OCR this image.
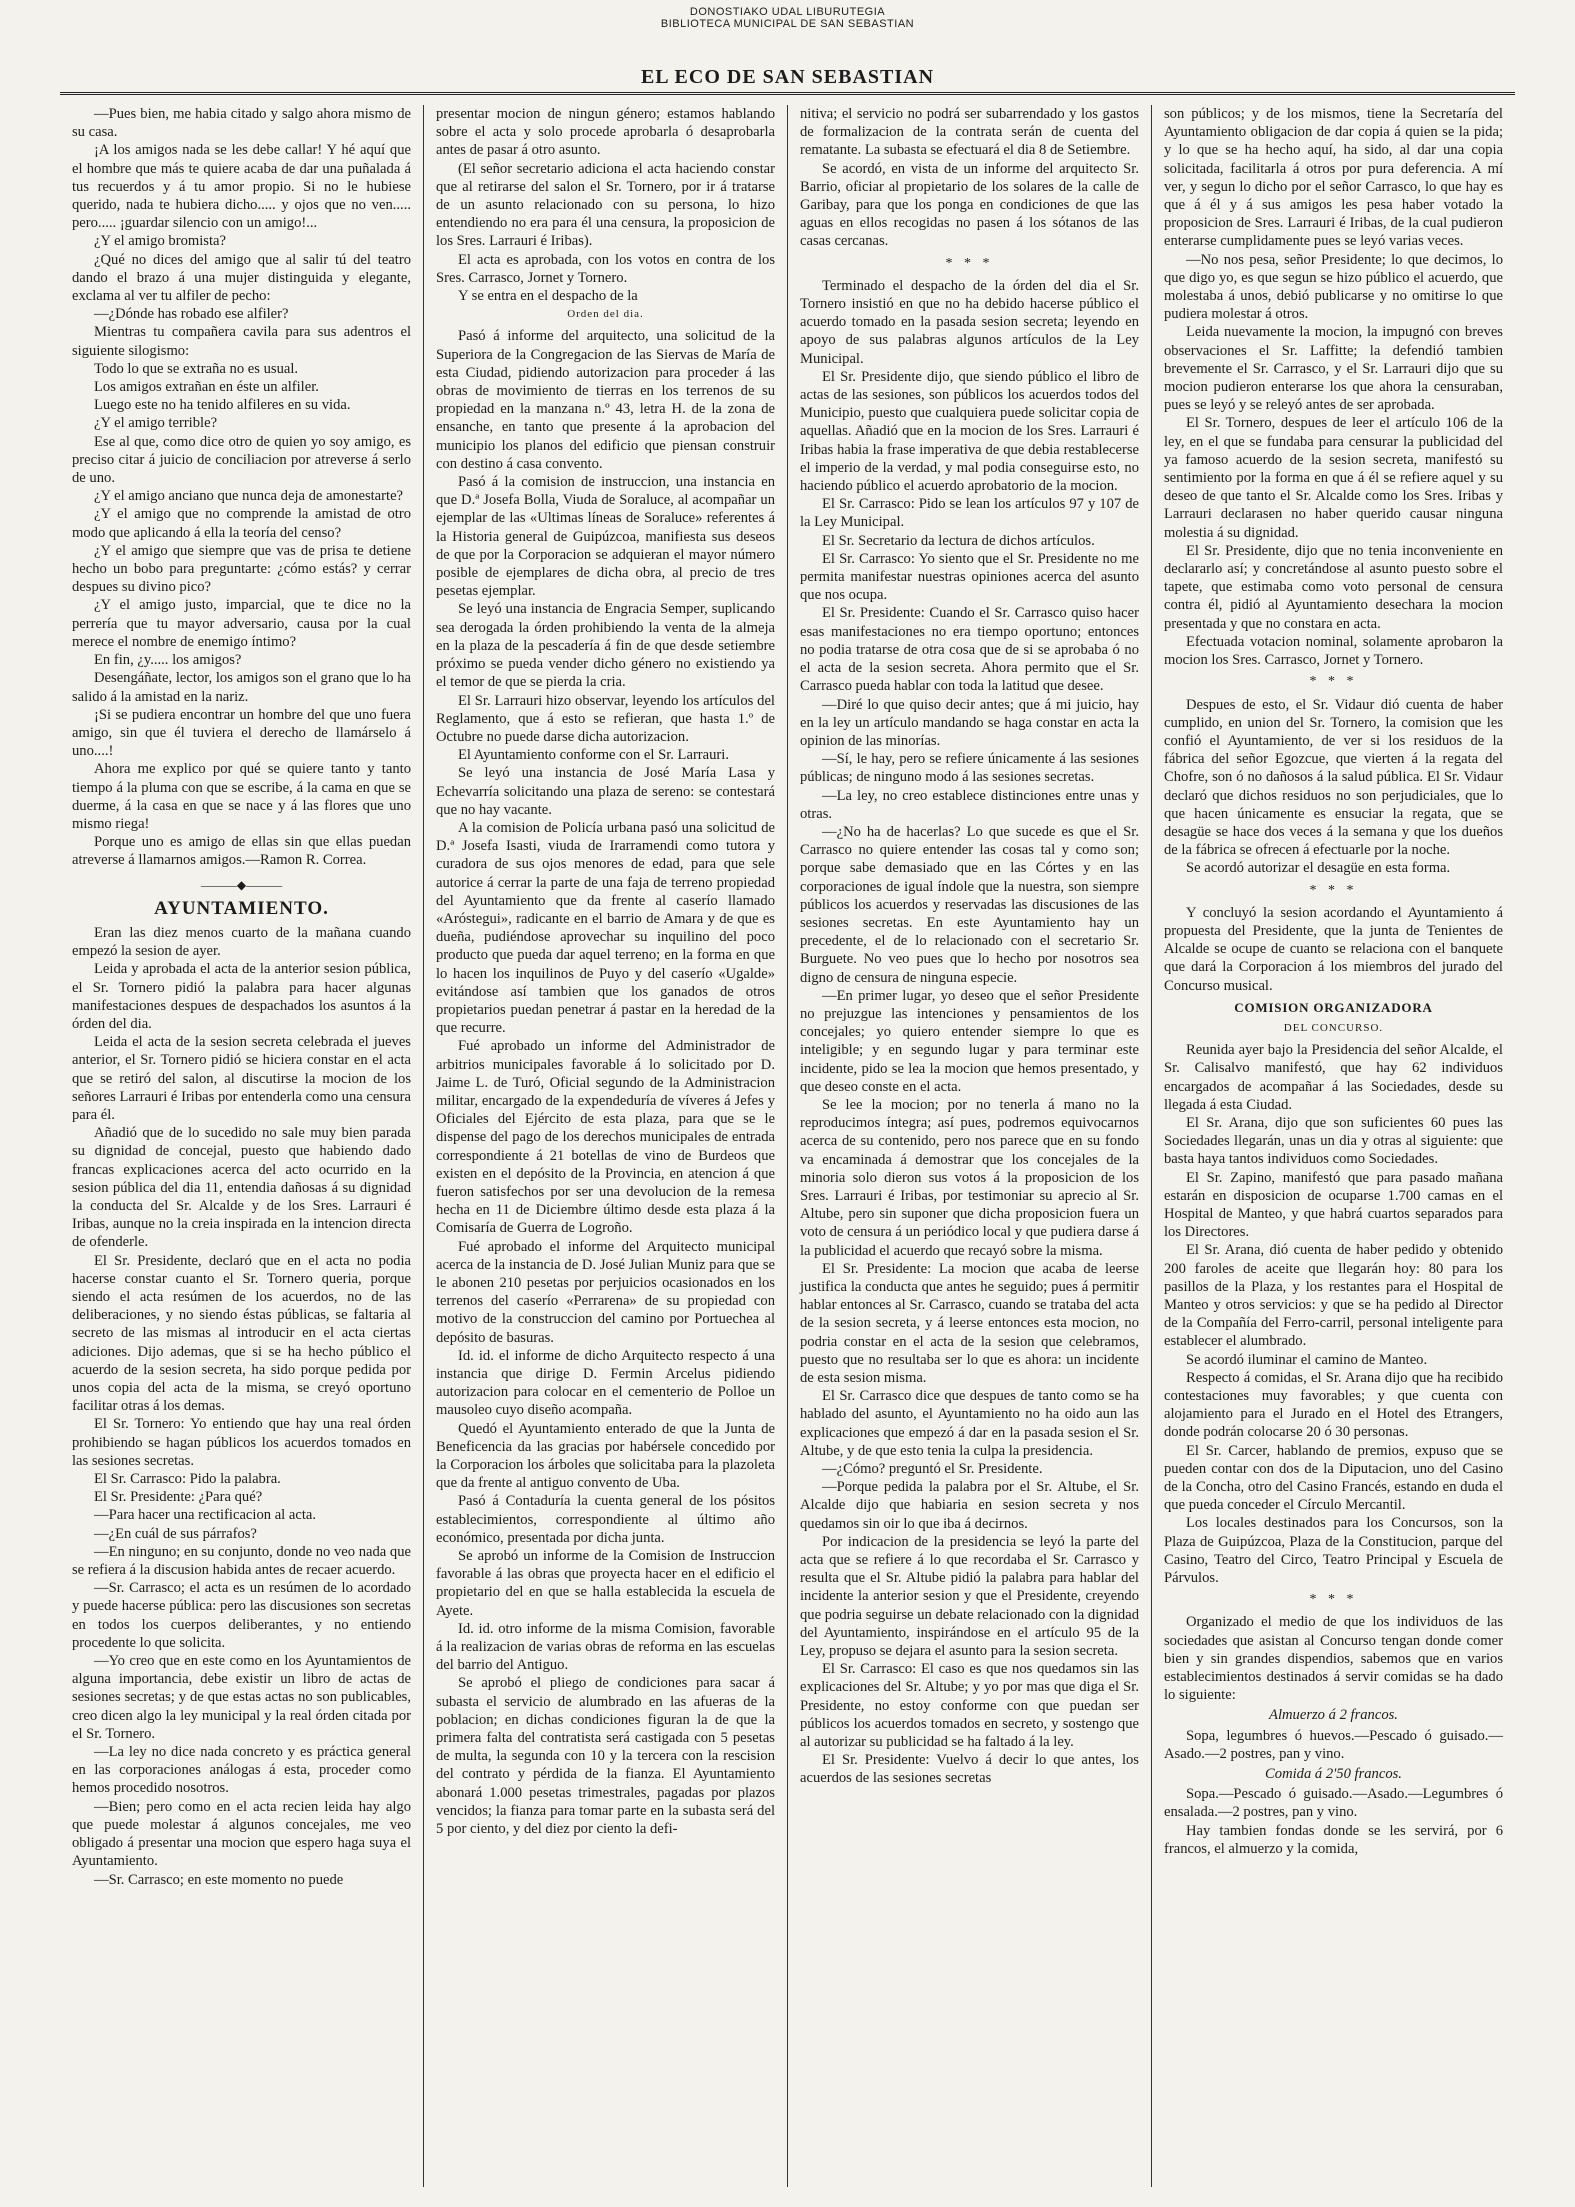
DONOSTIAKO UDAL LIBURUTEGIA
BIBLIOTECA MUNICIPAL DE SAN SEBASTIAN
EL ECO DE SAN SEBASTIAN

—Pues bien, me habia citado y salgo ahora mismo de su casa.

¡A los amigos nada se les debe callar! Y hé aquí que el hombre que más te quiere acaba de dar una puñalada á tus recuerdos y á tu amor propio. Si no le hubiese querido, nada te hubiera dicho..... y ojos que no ven..... pero..... ¡guardar silencio con un amigo!...

¿Y el amigo bromista?

¿Qué no dices del amigo que al salir tú del teatro dando el brazo á una mujer distinguida y elegante, exclama al ver tu alfiler de pecho:

—¿Dónde has robado ese alfiler?

Mientras tu compañera cavila para sus adentros el siguiente silogismo:

Todo lo que se extraña no es usual.

Los amigos extrañan en éste un alfiler.

Luego este no ha tenido alfileres en su vida.

¿Y el amigo terrible?

Ese al que, como dice otro de quien yo soy amigo, es preciso citar á juicio de conciliacion por atreverse á serlo de uno.

¿Y el amigo anciano que nunca deja de amonestarte?

¿Y el amigo que no comprende la amistad de otro modo que aplicando á ella la teoría del censo?

¿Y el amigo que siempre que vas de prisa te detiene hecho un bobo para preguntarte: ¿cómo estás? y cerrar despues su divino pico?

¿Y el amigo justo, imparcial, que te dice no la perrería que tu mayor adversario, causa por la cual merece el nombre de enemigo íntimo?

En fin, ¿y..... los amigos?

Desengáñate, lector, los amigos son el grano que lo ha salido á la amistad en la nariz.

¡Si se pudiera encontrar un hombre del que uno fuera amigo, sin que él tuviera el derecho de llamárselo á uno....!

Ahora me explico por qué se quiere tanto y tanto tiempo á la pluma con que se escribe, á la cama en que se duerme, á la casa en que se nace y á las flores que uno mismo riega!

Porque uno es amigo de ellas sin que ellas puedan atreverse á llamarnos amigos.—Ramon R. Correa.

———◆———
AYUNTAMIENTO.

Eran las diez menos cuarto de la mañana cuando empezó la sesion de ayer.

Leida y aprobada el acta de la anterior sesion pública, el Sr. Tornero pidió la palabra para hacer algunas manifestaciones despues de despachados los asuntos á la órden del dia.

Leida el acta de la sesion secreta celebrada el jueves anterior, el Sr. Tornero pidió se hiciera constar en el acta que se retiró del salon, al discutirse la mocion de los señores Larrauri é Iribas por entenderla como una censura para él.

Añadió que de lo sucedido no sale muy bien parada su dignidad de concejal, puesto que habiendo dado francas explicaciones acerca del acto ocurrido en la sesion pública del dia 11, entendia dañosas á su dignidad la conducta del Sr. Alcalde y de los Sres. Larrauri é Iribas, aunque no la creia inspirada en la intencion directa de ofenderle.

El Sr. Presidente, declaró que en el acta no podia hacerse constar cuanto el Sr. Tornero queria, porque siendo el acta resúmen de los acuerdos, no de las deliberaciones, y no siendo éstas públicas, se faltaria al secreto de las mismas al introducir en el acta ciertas adiciones. Dijo ademas, que si se ha hecho público el acuerdo de la sesion secreta, ha sido porque pedida por unos copia del acta de la misma, se creyó oportuno facilitar otras á los demas.

El Sr. Tornero: Yo entiendo que hay una real órden prohibiendo se hagan públicos los acuerdos tomados en las sesiones secretas.

El Sr. Carrasco: Pido la palabra.

El Sr. Presidente: ¿Para qué?

—Para hacer una rectificacion al acta.

—¿En cuál de sus párrafos?

—En ninguno; en su conjunto, donde no veo nada que se refiera á la discusion habida antes de recaer acuerdo.

—Sr. Carrasco; el acta es un resúmen de lo acordado y puede hacerse pública: pero las discusiones son secretas en todos los cuerpos deliberantes, y no entiendo procedente lo que solicita.

—Yo creo que en este como en los Ayuntamientos de alguna importancia, debe existir un libro de actas de sesiones secretas; y de que estas actas no son publicables, creo dicen algo la ley municipal y la real órden citada por el Sr. Tornero.

—La ley no dice nada concreto y es práctica general en las corporaciones análogas á esta, proceder como hemos procedido nosotros.

—Bien; pero como en el acta recien leida hay algo que puede molestar á algunos concejales, me veo obligado á presentar una mocion que espero haga suya el Ayuntamiento.

—Sr. Carrasco; en este momento no puede

presentar mocion de ningun género; estamos hablando sobre el acta y solo procede aprobarla ó desaprobarla antes de pasar á otro asunto.

(El señor secretario adiciona el acta haciendo constar que al retirarse del salon el Sr. Tornero, por ir á tratarse de un asunto relacionado con su persona, lo hizo entendiendo no era para él una censura, la proposicion de los Sres. Larrauri é Iribas).

El acta es aprobada, con los votos en contra de los Sres. Carrasco, Jornet y Tornero.

Y se entra en el despacho de la

Orden del dia.

Pasó á informe del arquitecto, una solicitud de la Superiora de la Congregacion de las Siervas de María de esta Ciudad, pidiendo autorizacion para proceder á las obras de movimiento de tierras en los terrenos de su propiedad en la manzana n.º 43, letra H. de la zona de ensanche, en tanto que presente á la aprobacion del municipio los planos del edificio que piensan construir con destino á casa convento.

Pasó á la comision de instruccion, una instancia en que D.ª Josefa Bolla, Viuda de Soraluce, al acompañar un ejemplar de las «Ultimas líneas de Soraluce» referentes á la Historia general de Guipúzcoa, manifiesta sus deseos de que por la Corporacion se adquieran el mayor número posible de ejemplares de dicha obra, al precio de tres pesetas ejemplar.

Se leyó una instancia de Engracia Semper, suplicando sea derogada la órden prohibiendo la venta de la almeja en la plaza de la pescadería á fin de que desde setiembre próximo se pueda vender dicho género no existiendo ya el temor de que se pierda la cria.

El Sr. Larrauri hizo observar, leyendo los artículos del Reglamento, que á esto se refieran, que hasta 1.º de Octubre no puede darse dicha autorizacion.

El Ayuntamiento conforme con el Sr. Larrauri.

Se leyó una instancia de José María Lasa y Echevarría solicitando una plaza de sereno: se contestará que no hay vacante.

A la comision de Policía urbana pasó una solicitud de D.ª Josefa Isasti, viuda de Irarramendi como tutora y curadora de sus ojos menores de edad, para que sele autorice á cerrar la parte de una faja de terreno propiedad del Ayuntamiento que da frente al caserío llamado «Aróstegui», radicante en el barrio de Amara y de que es dueña, pudiéndose aprovechar su inquilino del poco producto que pueda dar aquel terreno; en la forma en que lo hacen los inquilinos de Puyo y del caserío «Ugalde» evitándose así tambien que los ganados de otros propietarios puedan penetrar á pastar en la heredad de la que recurre.

Fué aprobado un informe del Administrador de arbitrios municipales favorable á lo solicitado por D. Jaime L. de Turó, Oficial segundo de la Administracion militar, encargado de la expendeduría de víveres á Jefes y Oficiales del Ejército de esta plaza, para que se le dispense del pago de los derechos municipales de entrada correspondiente á 21 botellas de vino de Burdeos que existen en el depósito de la Provincia, en atencion á que fueron satisfechos por ser una devolucion de la remesa hecha en 11 de Diciembre último desde esta plaza á la Comisaría de Guerra de Logroño.

Fué aprobado el informe del Arquitecto municipal acerca de la instancia de D. José Julian Muniz para que se le abonen 210 pesetas por perjuicios ocasionados en los terrenos del caserío «Perrarena» de su propiedad con motivo de la construccion del camino por Portuechea al depósito de basuras.

Id. id. el informe de dicho Arquitecto respecto á una instancia que dirige D. Fermin Arcelus pidiendo autorizacion para colocar en el cementerio de Polloe un mausoleo cuyo diseño acompaña.

Quedó el Ayuntamiento enterado de que la Junta de Beneficencia da las gracias por habérsele concedido por la Corporacion los árboles que solicitaba para la plazoleta que da frente al antiguo convento de Uba.

Pasó á Contaduría la cuenta general de los pósitos establecimientos, correspondiente al último año económico, presentada por dicha junta.

Se aprobó un informe de la Comision de Instruccion favorable á las obras que proyecta hacer en el edificio el propietario del en que se halla establecida la escuela de Ayete.

Id. id. otro informe de la misma Comision, favorable á la realizacion de varias obras de reforma en las escuelas del barrio del Antiguo.

Se aprobó el pliego de condiciones para sacar á subasta el servicio de alumbrado en las afueras de la poblacion; en dichas condiciones figuran la de que la primera falta del contratista será castigada con 5 pesetas de multa, la segunda con 10 y la tercera con la rescision del contrato y pérdida de la fianza. El Ayuntamiento abonará 1.000 pesetas trimestrales, pagadas por plazos vencidos; la fianza para tomar parte en la subasta será del 5 por ciento, y del diez por ciento la defi-

nitiva; el servicio no podrá ser subarrendado y los gastos de formalizacion de la contrata serán de cuenta del rematante. La subasta se efectuará el dia 8 de Setiembre.

Se acordó, en vista de un informe del arquitecto Sr. Barrio, oficiar al propietario de los solares de la calle de Garibay, para que los ponga en condiciones de que las aguas en ellos recogidas no pasen á los sótanos de las casas cercanas.

* * *

Terminado el despacho de la órden del dia el Sr. Tornero insistió en que no ha debido hacerse público el acuerdo tomado en la pasada sesion secreta; leyendo en apoyo de sus palabras algunos artículos de la Ley Municipal.

El Sr. Presidente dijo, que siendo público el libro de actas de las sesiones, son públicos los acuerdos todos del Municipio, puesto que cualquiera puede solicitar copia de aquellas. Añadió que en la mocion de los Sres. Larrauri é Iribas habia la frase imperativa de que debia restablecerse el imperio de la verdad, y mal podia conseguirse esto, no haciendo público el acuerdo aprobatorio de la mocion.

El Sr. Carrasco: Pido se lean los artículos 97 y 107 de la Ley Municipal.

El Sr. Secretario da lectura de dichos artículos.

El Sr. Carrasco: Yo siento que el Sr. Presidente no me permita manifestar nuestras opiniones acerca del asunto que nos ocupa.

El Sr. Presidente: Cuando el Sr. Carrasco quiso hacer esas manifestaciones no era tiempo oportuno; entonces no podia tratarse de otra cosa que de si se aprobaba ó no el acta de la sesion secreta. Ahora permito que el Sr. Carrasco pueda hablar con toda la latitud que desee.

—Diré lo que quiso decir antes; que á mi juicio, hay en la ley un artículo mandando se haga constar en acta la opinion de las minorías.

—Sí, le hay, pero se refiere únicamente á las sesiones públicas; de ninguno modo á las sesiones secretas.

—La ley, no creo establece distinciones entre unas y otras.

—¿No ha de hacerlas? Lo que sucede es que el Sr. Carrasco no quiere entender las cosas tal y como son; porque sabe demasiado que en las Córtes y en las corporaciones de igual índole que la nuestra, son siempre públicos los acuerdos y reservadas las discusiones de las sesiones secretas. En este Ayuntamiento hay un precedente, el de lo relacionado con el secretario Sr. Burguete. No veo pues que lo hecho por nosotros sea digno de censura de ninguna especie.

—En primer lugar, yo deseo que el señor Presidente no prejuzgue las intenciones y pensamientos de los concejales; yo quiero entender siempre lo que es inteligible; y en segundo lugar y para terminar este incidente, pido se lea la mocion que hemos presentado, y que deseo conste en el acta.

Se lee la mocion; por no tenerla á mano no la reproducimos íntegra; así pues, podremos equivocarnos acerca de su contenido, pero nos parece que en su fondo va encaminada á demostrar que los concejales de la minoria solo dieron sus votos á la proposicion de los Sres. Larrauri é Iribas, por testimoniar su aprecio al Sr. Altube, pero sin suponer que dicha proposicion fuera un voto de censura á un periódico local y que pudiera darse á la publicidad el acuerdo que recayó sobre la misma.

El Sr. Presidente: La mocion que acaba de leerse justifica la conducta que antes he seguido; pues á permitir hablar entonces al Sr. Carrasco, cuando se trataba del acta de la sesion secreta, y á leerse entonces esta mocion, no podria constar en el acta de la sesion que celebramos, puesto que no resultaba ser lo que es ahora: un incidente de esta sesion misma.

El Sr. Carrasco dice que despues de tanto como se ha hablado del asunto, el Ayuntamiento no ha oido aun las explicaciones que empezó á dar en la pasada sesion el Sr. Altube, y de que esto tenia la culpa la presidencia.

—¿Cómo? preguntó el Sr. Presidente.

—Porque pedida la palabra por el Sr. Altube, el Sr. Alcalde dijo que habiaria en sesion secreta y nos quedamos sin oir lo que iba á decirnos.

Por indicacion de la presidencia se leyó la parte del acta que se refiere á lo que recordaba el Sr. Carrasco y resulta que el Sr. Altube pidió la palabra para hablar del incidente la anterior sesion y que el Presidente, creyendo que podria seguirse un debate relacionado con la dignidad del Ayuntamiento, inspirándose en el artículo 95 de la Ley, propuso se dejara el asunto para la sesion secreta.

El Sr. Carrasco: El caso es que nos quedamos sin las explicaciones del Sr. Altube; y yo por mas que diga el Sr. Presidente, no estoy conforme con que puedan ser públicos los acuerdos tomados en secreto, y sostengo que al autorizar su publicidad se ha faltado á la ley.

El Sr. Presidente: Vuelvo á decir lo que antes, los acuerdos de las sesiones secretas

son públicos; y de los mismos, tiene la Secretaría del Ayuntamiento obligacion de dar copia á quien se la pida; y lo que se ha hecho aquí, ha sido, al dar una copia solicitada, facilitarla á otros por pura deferencia. A mí ver, y segun lo dicho por el señor Carrasco, lo que hay es que á él y á sus amigos les pesa haber votado la proposicion de Sres. Larrauri é Iribas, de la cual pudieron enterarse cumplidamente pues se leyó varias veces.

—No nos pesa, señor Presidente; lo que decimos, lo que digo yo, es que segun se hizo público el acuerdo, que molestaba á unos, debió publicarse y no omitirse lo que pudiera molestar á otros.

Leida nuevamente la mocion, la impugnó con breves observaciones el Sr. Laffitte; la defendió tambien brevemente el Sr. Carrasco, y el Sr. Larrauri dijo que su mocion pudieron enterarse los que ahora la censuraban, pues se leyó y se releyó antes de ser aprobada.

El Sr. Tornero, despues de leer el artículo 106 de la ley, en el que se fundaba para censurar la publicidad del ya famoso acuerdo de la sesion secreta, manifestó su sentimiento por la forma en que á él se refiere aquel y su deseo de que tanto el Sr. Alcalde como los Sres. Iribas y Larrauri declarasen no haber querido causar ninguna molestia á su dignidad.

El Sr. Presidente, dijo que no tenia inconveniente en declararlo así; y concretándose al asunto puesto sobre el tapete, que estimaba como voto personal de censura contra él, pidió al Ayuntamiento desechara la mocion presentada y que no constara en acta.

Efectuada votacion nominal, solamente aprobaron la mocion los Sres. Carrasco, Jornet y Tornero.

* * *

Despues de esto, el Sr. Vidaur dió cuenta de haber cumplido, en union del Sr. Tornero, la comision que les confió el Ayuntamiento, de ver si los residuos de la fábrica del señor Egozcue, que vierten á la regata del Chofre, son ó no dañosos á la salud pública. El Sr. Vidaur declaró que dichos residuos no son perjudiciales, que lo que hacen únicamente es ensuciar la regata, que se desagüe se hace dos veces á la semana y que los dueños de la fábrica se ofrecen á efectuarle por la noche.

Se acordó autorizar el desagüe en esta forma.

* * *

Y concluyó la sesion acordando el Ayuntamiento á propuesta del Presidente, que la junta de Tenientes de Alcalde se ocupe de cuanto se relaciona con el banquete que dará la Corporacion á los miembros del jurado del Concurso musical.

COMISION ORGANIZADORA
DEL CONCURSO.

Reunida ayer bajo la Presidencia del señor Alcalde, el Sr. Calisalvo manifestó, que hay 62 individuos encargados de acompañar á las Sociedades, desde su llegada á esta Ciudad.

El Sr. Arana, dijo que son suficientes 60 pues las Sociedades llegarán, unas un dia y otras al siguiente: que basta haya tantos individuos como Sociedades.

El Sr. Zapino, manifestó que para pasado mañana estarán en disposicion de ocuparse 1.700 camas en el Hospital de Manteo, y que habrá cuartos separados para los Directores.

El Sr. Arana, dió cuenta de haber pedido y obtenido 200 faroles de aceite que llegarán hoy: 80 para los pasillos de la Plaza, y los restantes para el Hospital de Manteo y otros servicios: y que se ha pedido al Director de la Compañía del Ferro-carril, personal inteligente para establecer el alumbrado.

Se acordó iluminar el camino de Manteo.

Respecto á comidas, el Sr. Arana dijo que ha recibido contestaciones muy favorables; y que cuenta con alojamiento para el Jurado en el Hotel des Etrangers, donde podrán colocarse 20 ó 30 personas.

El Sr. Carcer, hablando de premios, expuso que se pueden contar con dos de la Diputacion, uno del Casino de la Concha, otro del Casino Francés, estando en duda el que pueda conceder el Círculo Mercantil.

Los locales destinados para los Concursos, son la Plaza de Guipúzcoa, Plaza de la Constitucion, parque del Casino, Teatro del Circo, Teatro Principal y Escuela de Párvulos.

* * *

Organizado el medio de que los individuos de las sociedades que asistan al Concurso tengan donde comer bien y sin grandes dispendios, sabemos que en varios establecimientos destinados á servir comidas se ha dado lo siguiente:

Almuerzo á 2 francos.

Sopa, legumbres ó huevos.—Pescado ó guisado.—Asado.—2 postres, pan y vino.

Comida á 2'50 francos.

Sopa.—Pescado ó guisado.—Asado.—Legumbres ó ensalada.—2 postres, pan y vino.

Hay tambien fondas donde se les servirá, por 6 francos, el almuerzo y la comida,
